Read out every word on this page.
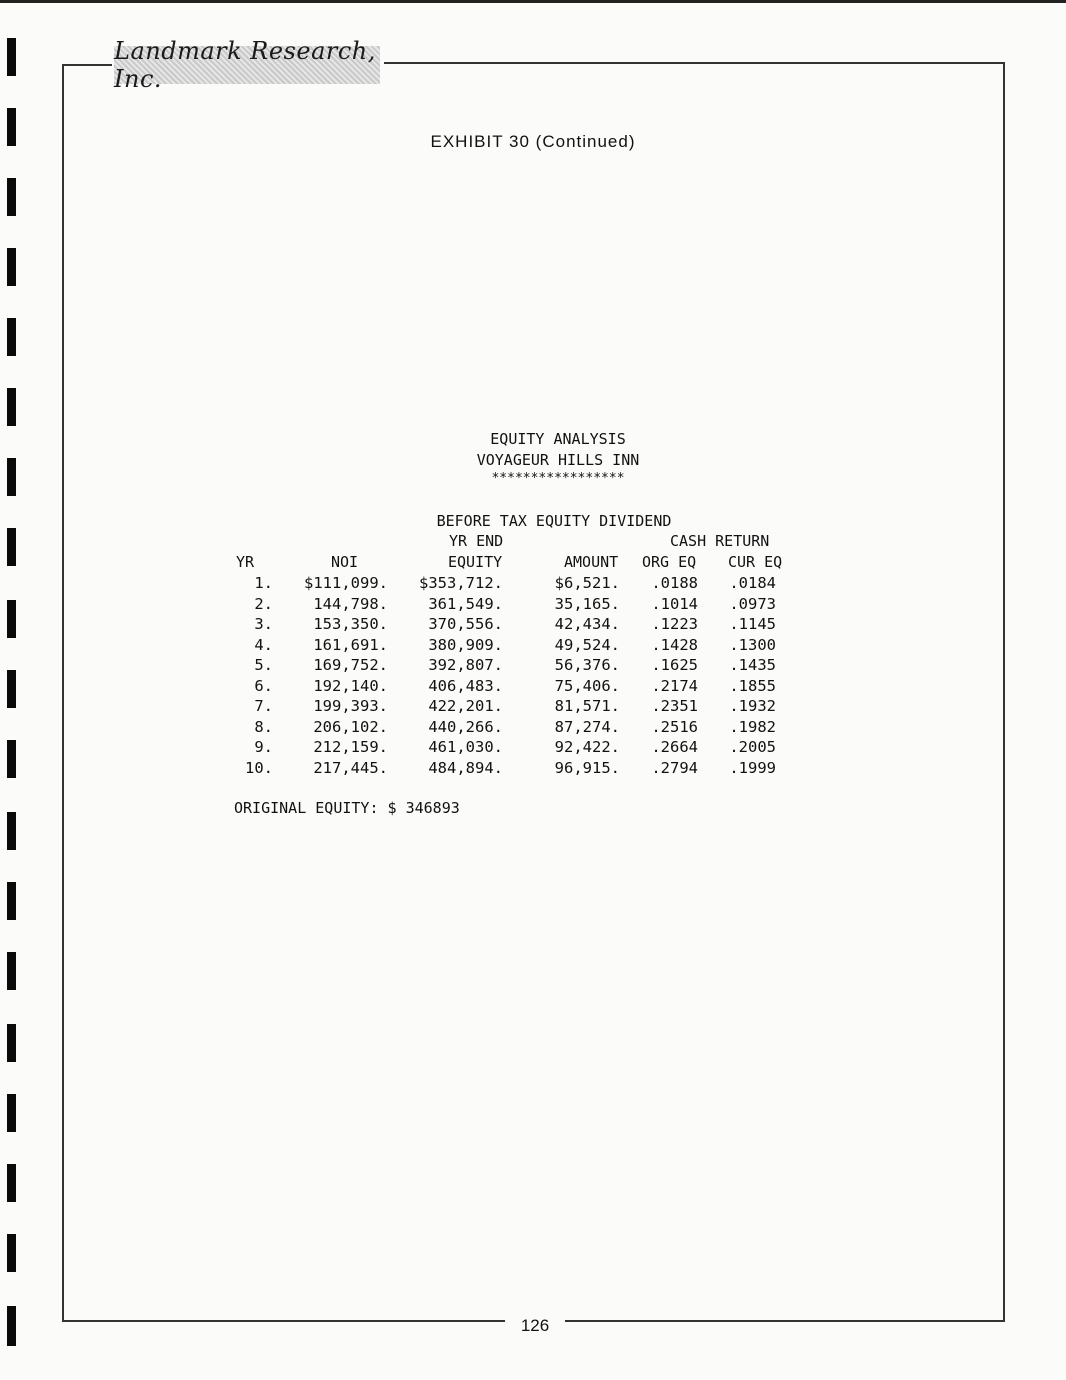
Landmark Research, Inc.
EXHIBIT 30 (Continued)
EQUITY ANALYSIS
VOYAGEUR HILLS INN
*****************
BEFORE TAX EQUITY DIVIDEND
YR END	CASH RETURN
YR	NOI	EQUITY	AMOUNT ORG EQ CUR EQ
1. $111,099. $353,712.	$6,521. .0188 .0184
2.	144,798.	361,549.	35,165. .1014 .0973
3.	153,350.	370,556.	42,434. .1223 .1145
4.	161,691.	380,909.	49,524. .1428 .1300
5.	169,752.	392,807.	56,376. .1625 .1435
6.	192,140.	406,483.	75,406. .2174 .1855
7.	199,393.	422,201.	81,571. .2351 .1932
8.	206,102.	440,266.	87,274. .2516 .1982
9.	212,159.	461,030.	92,422. .2664 .2005
10.	217,445.	484,894.	96,915. .2794 .1999
ORIGINAL EQUITY: $ 346893
126
